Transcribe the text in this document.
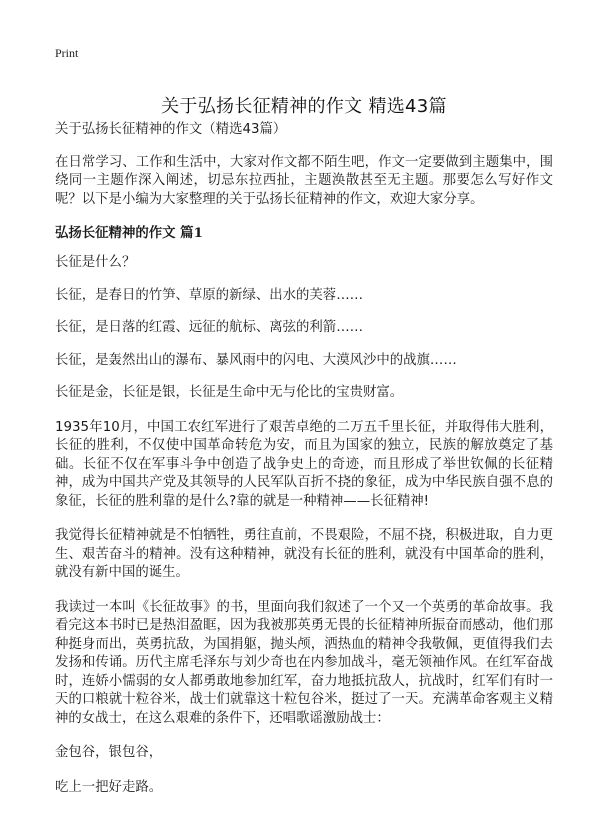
Print
关于弘扬长征精神的作文 精选43篇

关于弘扬长征精神的作文（精选43篇）

在日常学习、工作和生活中，大家对作文都不陌生吧，作文一定要做到主题集中，围绕同一主题作深入阐述，切忌东拉西扯，主题涣散甚至无主题。那要怎么写好作文呢？以下是小编为大家整理的关于弘扬长征精神的作文，欢迎大家分享。

弘扬长征精神的作文 篇1

长征是什么？

长征，是春日的竹笋、草原的新绿、出水的芙蓉……

长征，是日落的红霞、远征的航标、离弦的利箭……

长征，是轰然出山的瀑布、暴风雨中的闪电、大漠风沙中的战旗……

长征是金，长征是银，长征是生命中无与伦比的宝贵财富。

1935年10月，中国工农红军进行了艰苦卓绝的二万五千里长征，并取得伟大胜利，长征的胜利，不仅使中国革命转危为安，而且为国家的独立，民族的解放奠定了基础。长征不仅在军事斗争中创造了战争史上的奇迹，而且形成了举世钦佩的长征精神，成为中国共产党及其领导的人民军队百折不挠的象征，成为中华民族自强不息的象征，长征的胜利靠的是什么?靠的就是一种精神——长征精神!

我觉得长征精神就是不怕牺牲，勇往直前，不畏艰险，不屈不挠，积极进取，自力更生、艰苦奋斗的精神。没有这种精神，就没有长征的胜利，就没有中国革命的胜利，就没有新中国的诞生。

我读过一本叫《长征故事》的书，里面向我们叙述了一个又一个英勇的革命故事。我看完这本书时已是热泪盈眶，因为我被那英勇无畏的长征精神所振奋而感动，他们那种挺身而出，英勇抗敌，为国捐躯，抛头颅，洒热血的精神令我敬佩，更值得我们去发扬和传诵。历代主席毛泽东与刘少奇也在内参加战斗，毫无领袖作风。在红军奋战时，连娇小懦弱的女人都勇敢地参加红军，奋力地抵抗敌人，抗战时，红军们有时一天的口粮就十粒谷米，战士们就靠这十粒包谷米，挺过了一天。充满革命客观主义精神的女战士，在这么艰难的条件下，还唱歌谣激励战士：

金包谷，银包谷，

吃上一把好走路。
